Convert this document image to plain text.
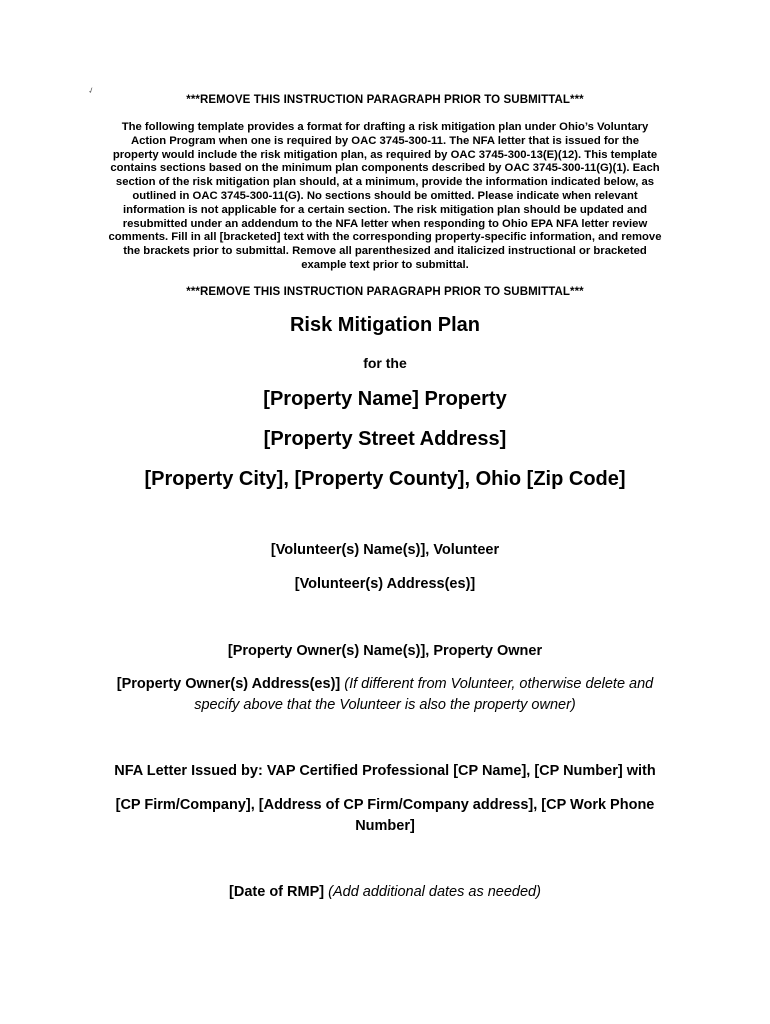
✓
***REMOVE THIS INSTRUCTION PARAGRAPH PRIOR TO SUBMITTAL***
The following template provides a format for drafting a risk mitigation plan under Ohio’s Voluntary
Action Program when one is required by OAC 3745-300-11. The NFA letter that is issued for the
property would include the risk mitigation plan, as required by OAC 3745-300-13(E)(12). This template
contains sections based on the minimum plan components described by OAC 3745-300-11(G)(1). Each
section of the risk mitigation plan should, at a minimum, provide the information indicated below, as
outlined in OAC 3745-300-11(G). No sections should be omitted. Please indicate when relevant
information is not applicable for a certain section. The risk mitigation plan should be updated and
resubmitted under an addendum to the NFA letter when responding to Ohio EPA NFA letter review
comments. Fill in all [bracketed] text with the corresponding property-specific information, and remove
the brackets prior to submittal. Remove all parenthesized and italicized instructional or bracketed
example text prior to submittal.
***REMOVE THIS INSTRUCTION PARAGRAPH PRIOR TO SUBMITTAL***
Risk Mitigation Plan
for the
[Property Name] Property
[Property Street Address]
[Property City], [Property County], Ohio [Zip Code]
[Volunteer(s) Name(s)], Volunteer
[Volunteer(s) Address(es)]
[Property Owner(s) Name(s)], Property Owner
[Property Owner(s) Address(es)] (If different from Volunteer, otherwise delete and specify above that the Volunteer is also the property owner)
NFA Letter Issued by: VAP Certified Professional [CP Name], [CP Number] with
[CP Firm/Company], [Address of CP Firm/Company address], [CP Work Phone Number]
[Date of RMP] (Add additional dates as needed)
